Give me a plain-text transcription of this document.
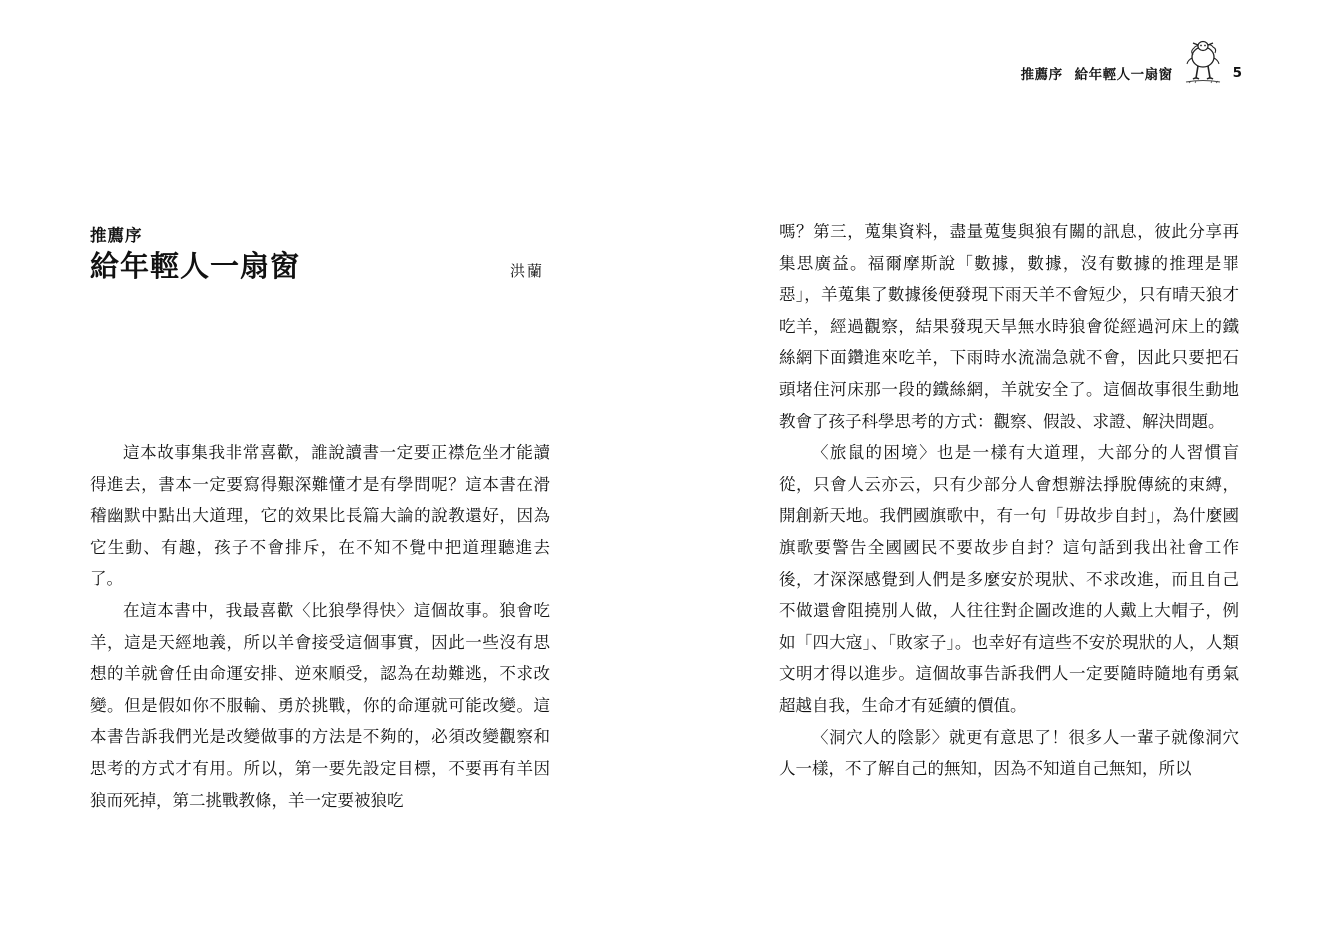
推薦序 給年輕人一扇窗	5
推薦序
給年輕人一扇窗	洪蘭

這本故事集我非常喜歡，誰說讀書一定要正襟危坐才能讀得進去，書本一定要寫得艱深難懂才是有學問呢？這本書在滑稽幽默中點出大道理，它的效果比長篇大論的說教還好，因為它生動、有趣，孩子不會排斥，在不知不覺中把道理聽進去了。

在這本書中，我最喜歡〈比狼學得快〉這個故事。狼會吃羊，這是天經地義，所以羊會接受這個事實，因此一些沒有思想的羊就會任由命運安排、逆來順受，認為在劫難逃，不求改變。但是假如你不服輸、勇於挑戰，你的命運就可能改變。這本書告訴我們光是改變做事的方法是不夠的，必須改變觀察和思考的方式才有用。所以，第一要先設定目標，不要再有羊因狼而死掉，第二挑戰教條，羊一定要被狼吃

嗎？第三，蒐集資料，盡量蒐隻與狼有關的訊息，彼此分享再集思廣益。福爾摩斯說「數據，數據，沒有數據的推理是罪惡」，羊蒐集了數據後便發現下雨天羊不會短少，只有晴天狼才吃羊，經過觀察，結果發現天旱無水時狼會從經過河床上的鐵絲網下面鑽進來吃羊，下雨時水流湍急就不會，因此只要把石頭堵住河床那一段的鐵絲網，羊就安全了。這個故事很生動地教會了孩子科學思考的方式：觀察、假設、求證、解決問題。

〈旅鼠的困境〉也是一樣有大道理，大部分的人習慣盲從，只會人云亦云，只有少部分人會想辦法掙脫傳統的束縛，開創新天地。我們國旗歌中，有一句「毋故步自封」，為什麼國旗歌要警告全國國民不要故步自封？這句話到我出社會工作後，才深深感覺到人們是多麼安於現狀、不求改進，而且自己不做還會阻撓別人做，人往往對企圖改進的人戴上大帽子，例如「四大寇」、「敗家子」。也幸好有這些不安於現狀的人，人類文明才得以進步。這個故事告訴我們人一定要隨時隨地有勇氣超越自我，生命才有延續的價值。

〈洞穴人的陰影〉就更有意思了！很多人一輩子就像洞穴人一樣，不了解自己的無知，因為不知道自己無知，所以
